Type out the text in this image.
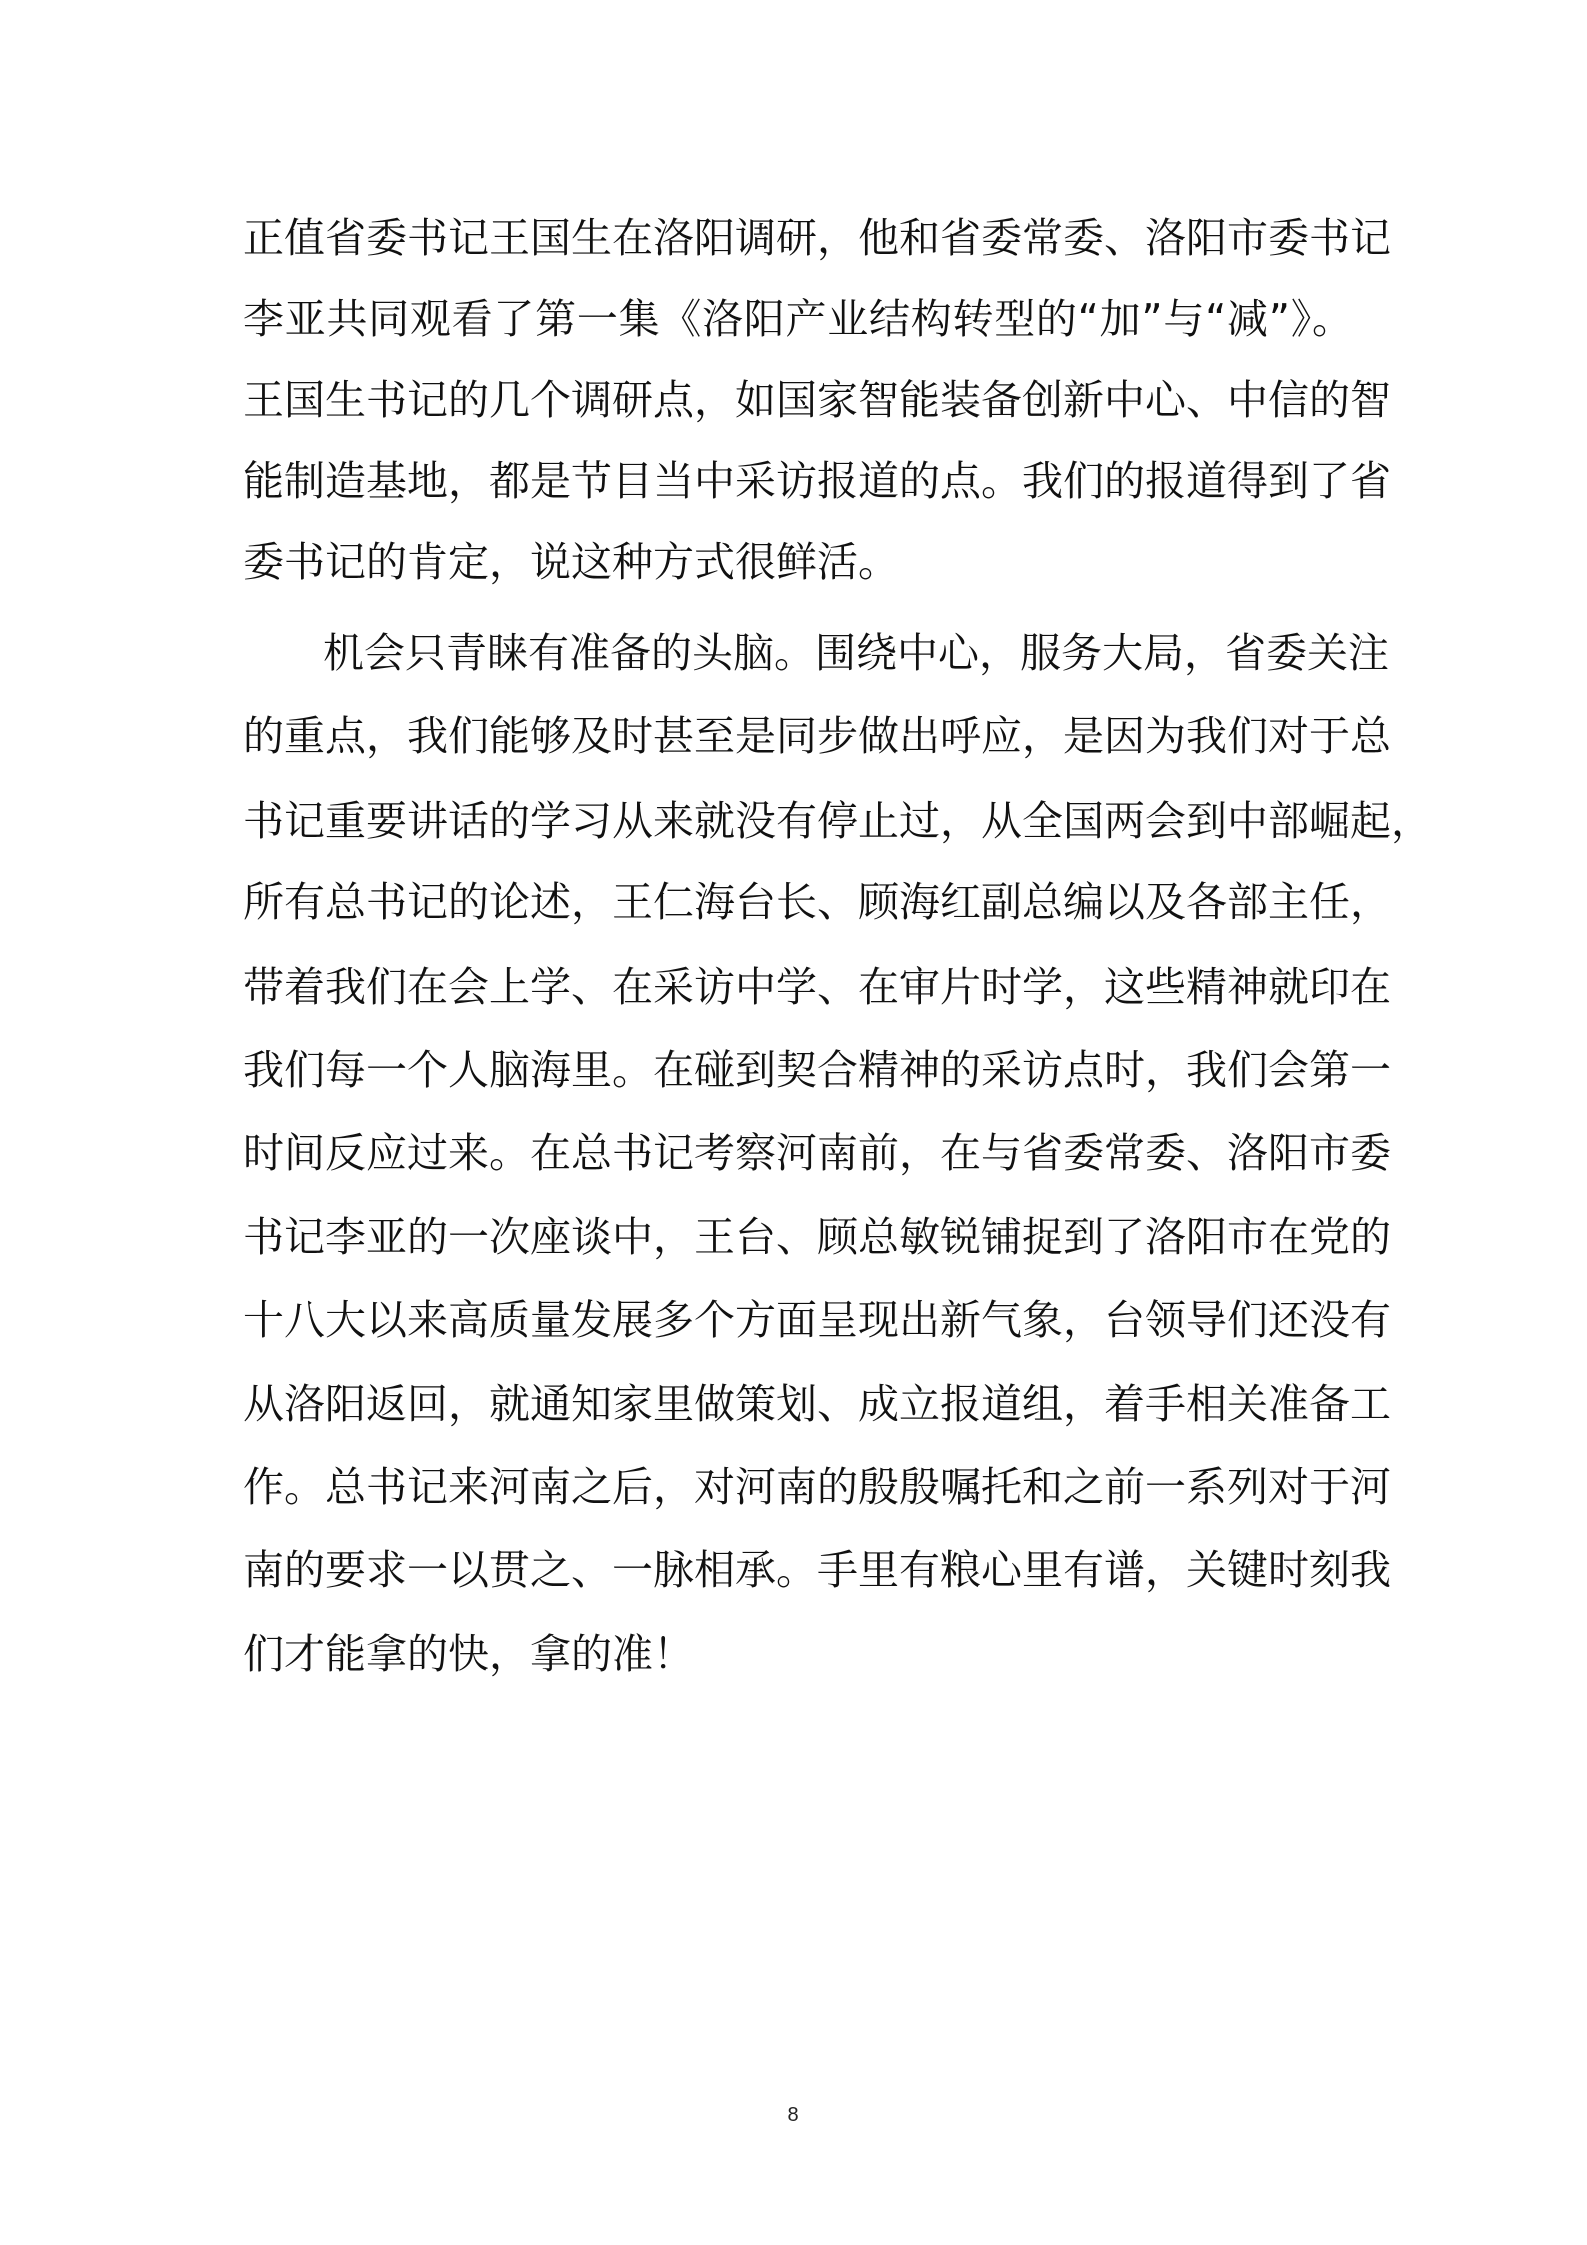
正值省委书记王国生在洛阳调研，他和省委常委、洛阳市委书记
李亚共同观看了第一集《洛阳产业结构转型的“加”与“减”》。
王国生书记的几个调研点，如国家智能装备创新中心、中信的智
能制造基地，都是节目当中采访报道的点。我们的报道得到了省
委书记的肯定，说这种方式很鲜活。
机会只青睐有准备的头脑。围绕中心，服务大局，省委关注
的重点，我们能够及时甚至是同步做出呼应，是因为我们对于总
书记重要讲话的学习从来就没有停止过，从全国两会到中部崛起，
所有总书记的论述，王仁海台长、顾海红副总编以及各部主任，
带着我们在会上学、在采访中学、在审片时学，这些精神就印在
我们每一个人脑海里。在碰到契合精神的采访点时，我们会第一
时间反应过来。在总书记考察河南前，在与省委常委、洛阳市委
书记李亚的一次座谈中，王台、顾总敏锐铺捉到了洛阳市在党的
十八大以来高质量发展多个方面呈现出新气象，台领导们还没有
从洛阳返回，就通知家里做策划、成立报道组，着手相关准备工
作。总书记来河南之后，对河南的殷殷嘱托和之前一系列对于河
南的要求一以贯之、一脉相承。手里有粮心里有谱，关键时刻我
们才能拿的快，拿的准！
8
